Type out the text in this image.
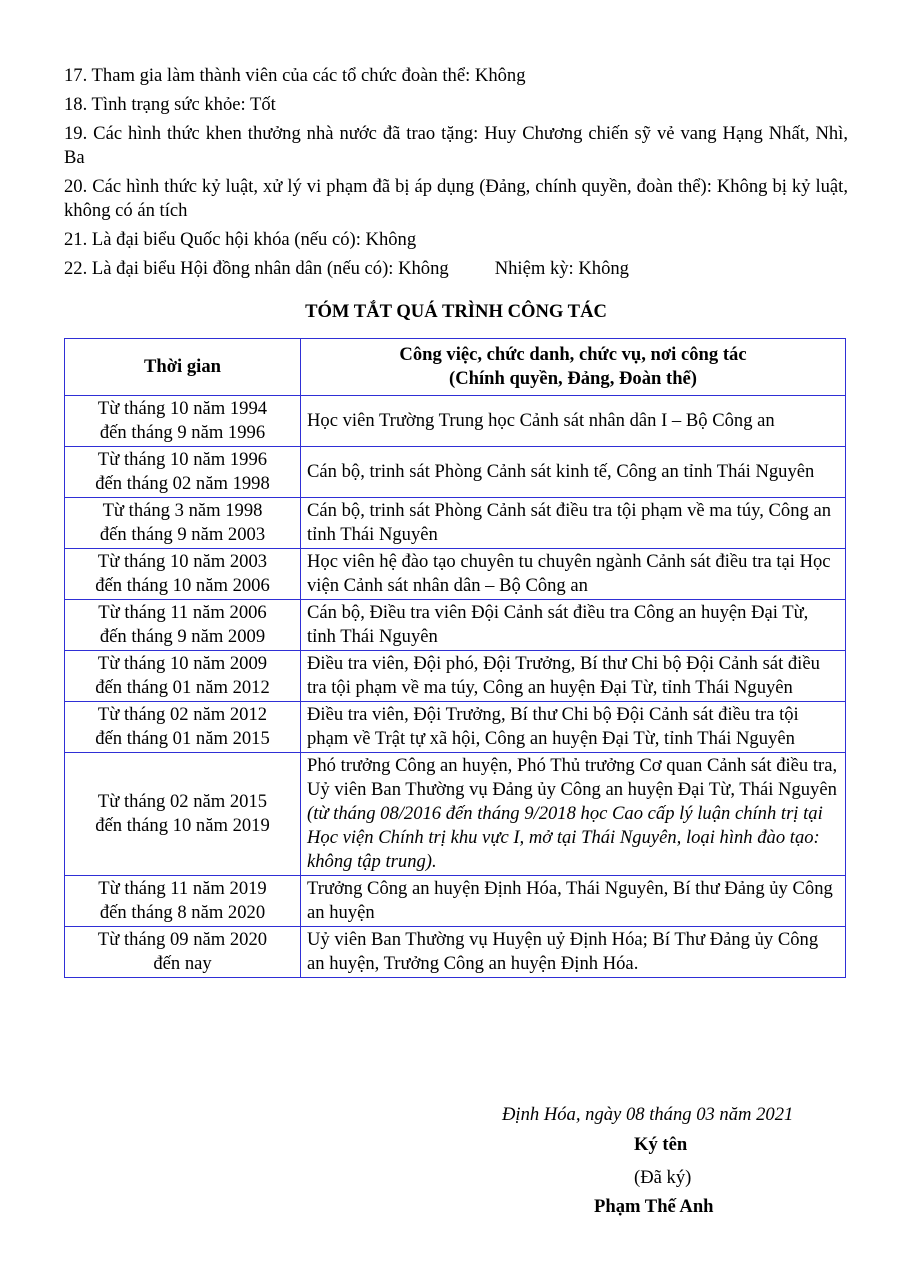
17. Tham gia làm thành viên của các tổ chức đoàn thể: Không

18. Tình trạng sức khỏe: Tốt

19. Các hình thức khen thưởng nhà nước đã trao tặng: Huy Chương chiến sỹ vẻ vang Hạng Nhất, Nhì, Ba

20. Các hình thức kỷ luật, xử lý vi phạm đã bị áp dụng (Đảng, chính quyền, đoàn thể): Không bị kỷ luật, không có án tích

21. Là đại biểu Quốc hội khóa (nếu có): Không

22. Là đại biểu Hội đồng nhân dân (nếu có): Không Nhiệm kỳ: Không

TÓM TẮT QUÁ TRÌNH CÔNG TÁC
Thời gian	Công việc, chức danh, chức vụ, nơi công tác
(Chính quyền, Đảng, Đoàn thể)

Từ tháng 10 năm 1994
đến tháng 9 năm 1996	Học viên Trường Trung học Cảnh sát nhân dân I – Bộ Công an

Từ tháng 10 năm 1996
đến tháng 02 năm 1998	Cán bộ, trinh sát Phòng Cảnh sát kinh tế, Công an tỉnh Thái Nguyên

Từ tháng 3 năm 1998
đến tháng 9 năm 2003	Cán bộ, trinh sát Phòng Cảnh sát điều tra tội phạm về ma túy, Công an tỉnh Thái Nguyên

Từ tháng 10 năm 2003
đến tháng 10 năm 2006	Học viên hệ đào tạo chuyên tu chuyên ngành Cảnh sát điều tra tại Học viện Cảnh sát nhân dân – Bộ Công an

Từ tháng 11 năm 2006
đến tháng 9 năm 2009	Cán bộ, Điều tra viên Đội Cảnh sát điều tra Công an huyện Đại Từ, tỉnh Thái Nguyên

Từ tháng 10 năm 2009
đến tháng 01 năm 2012	Điều tra viên, Đội phó, Đội Trưởng, Bí thư Chi bộ Đội Cảnh sát điều tra tội phạm về ma túy, Công an huyện Đại Từ, tỉnh Thái Nguyên

Từ tháng 02 năm 2012
đến tháng 01 năm 2015	Điều tra viên, Đội Trưởng, Bí thư Chi bộ Đội Cảnh sát điều tra tội phạm về Trật tự xã hội, Công an huyện Đại Từ, tỉnh Thái Nguyên

Từ tháng 02 năm 2015
đến tháng 10 năm 2019	Phó trưởng Công an huyện, Phó Thủ trưởng Cơ quan Cảnh sát điều tra, Uỷ viên Ban Thường vụ Đảng ủy Công an huyện Đại Từ, Thái Nguyên (từ tháng 08/2016 đến tháng 9/2018 học Cao cấp lý luận chính trị tại Học viện Chính trị khu vực I, mở tại Thái Nguyên, loại hình đào tạo: không tập trung).

Từ tháng 11 năm 2019
đến tháng 8 năm 2020	Trưởng Công an huyện Định Hóa, Thái Nguyên, Bí thư Đảng ủy Công an huyện

Từ tháng 09 năm 2020
đến nay	Uỷ viên Ban Thường vụ Huyện uỷ Định Hóa; Bí Thư Đảng ủy Công an huyện, Trưởng Công an huyện Định Hóa.
Định Hóa, ngày 08 tháng 03 năm 2021
Ký tên
(Đã ký)
Phạm Thế Anh
